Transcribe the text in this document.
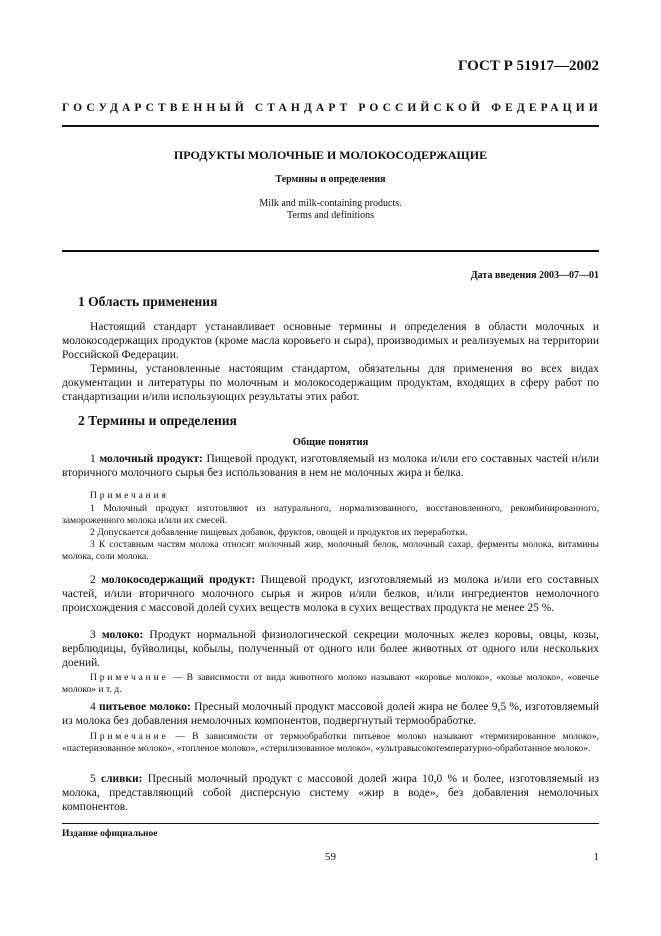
ГОСТ Р 51917—2002
ГОСУДАРСТВЕННЫЙ СТАНДАРТ РОССИЙСКОЙ ФЕДЕРАЦИИ
ПРОДУКТЫ МОЛОЧНЫЕ И МОЛОКОСОДЕРЖАЩИЕ
Термины и определения
Milk and milk-containing products.
Terms and definitions
Дата введения 2003—07—01
1 Область применения

Настоящий стандарт устанавливает основные термины и определения в области молочных и молокосодержащих продуктов (кроме масла коровьего и сыра), производимых и реализуемых на территории Российской Федерации.

Термины, установленные настоящим стандартом, обязательны для применения во всех видах документации и литературы по молочным и молокосодержащим продуктам, входящих в сферу работ по стандартизации и/или использующих результаты этих работ.

2 Термины и определения
Общие понятия

1 молочный продукт: Пищевой продукт, изготовляемый из молока и/или его составных частей и/или вторичного молочного сырья без использования в нем не молочных жира и белка.

Примечания
1 Молочный продукт изготовляют из натурального, нормализованного, восстановленного, рекомбинированного, замороженного молока и/или их смесей.
2 Допускается добавление пищевых добавок, фруктов, овощей и продуктов их переработки.
3 К составным частям молока относят молочный жир, молочный белок, молочный сахар, ферменты молока, витамины молока, соли молока.

2 молокосодержащий продукт: Пищевой продукт, изготовляемый из молока и/или его составных частей, и/или вторичного молочного сырья и жиров и/или белков, и/или ингредиентов немолочного происхождения с массовой долей сухих веществ молока в сухих веществах продукта не менее 25 %.

3 молоко: Продукт нормальной физиологической секреции молочных желез коровы, овцы, козы, верблюдицы, буйволицы, кобылы, полученный от одного или более животных от одного или нескольких доений.

Примечание — В зависимости от вида животного молоко называют «коровье молоко», «козье молоко», «овечье молоко» и т. д.

4 питьевое молоко: Пресный молочный продукт массовой долей жира не более 9,5 %, изготовляемый из молока без добавления немолочных компонентов, подвергнутый термообработке.

Примечание — В зависимости от термообработки питьевое молоко называют «термизированное молоко», «пастеризованное молоко», «топленое молоко», «стерилизованное молоко», «ультравысокотемпературно-обработанное молоко».

5 сливки: Пресный молочный продукт с массовой долей жира 10,0 % и более, изготовляемый из молока, представляющий собой дисперсную систему «жир в воде», без добавления немолочных компонентов.

Издание официальное
59	1
